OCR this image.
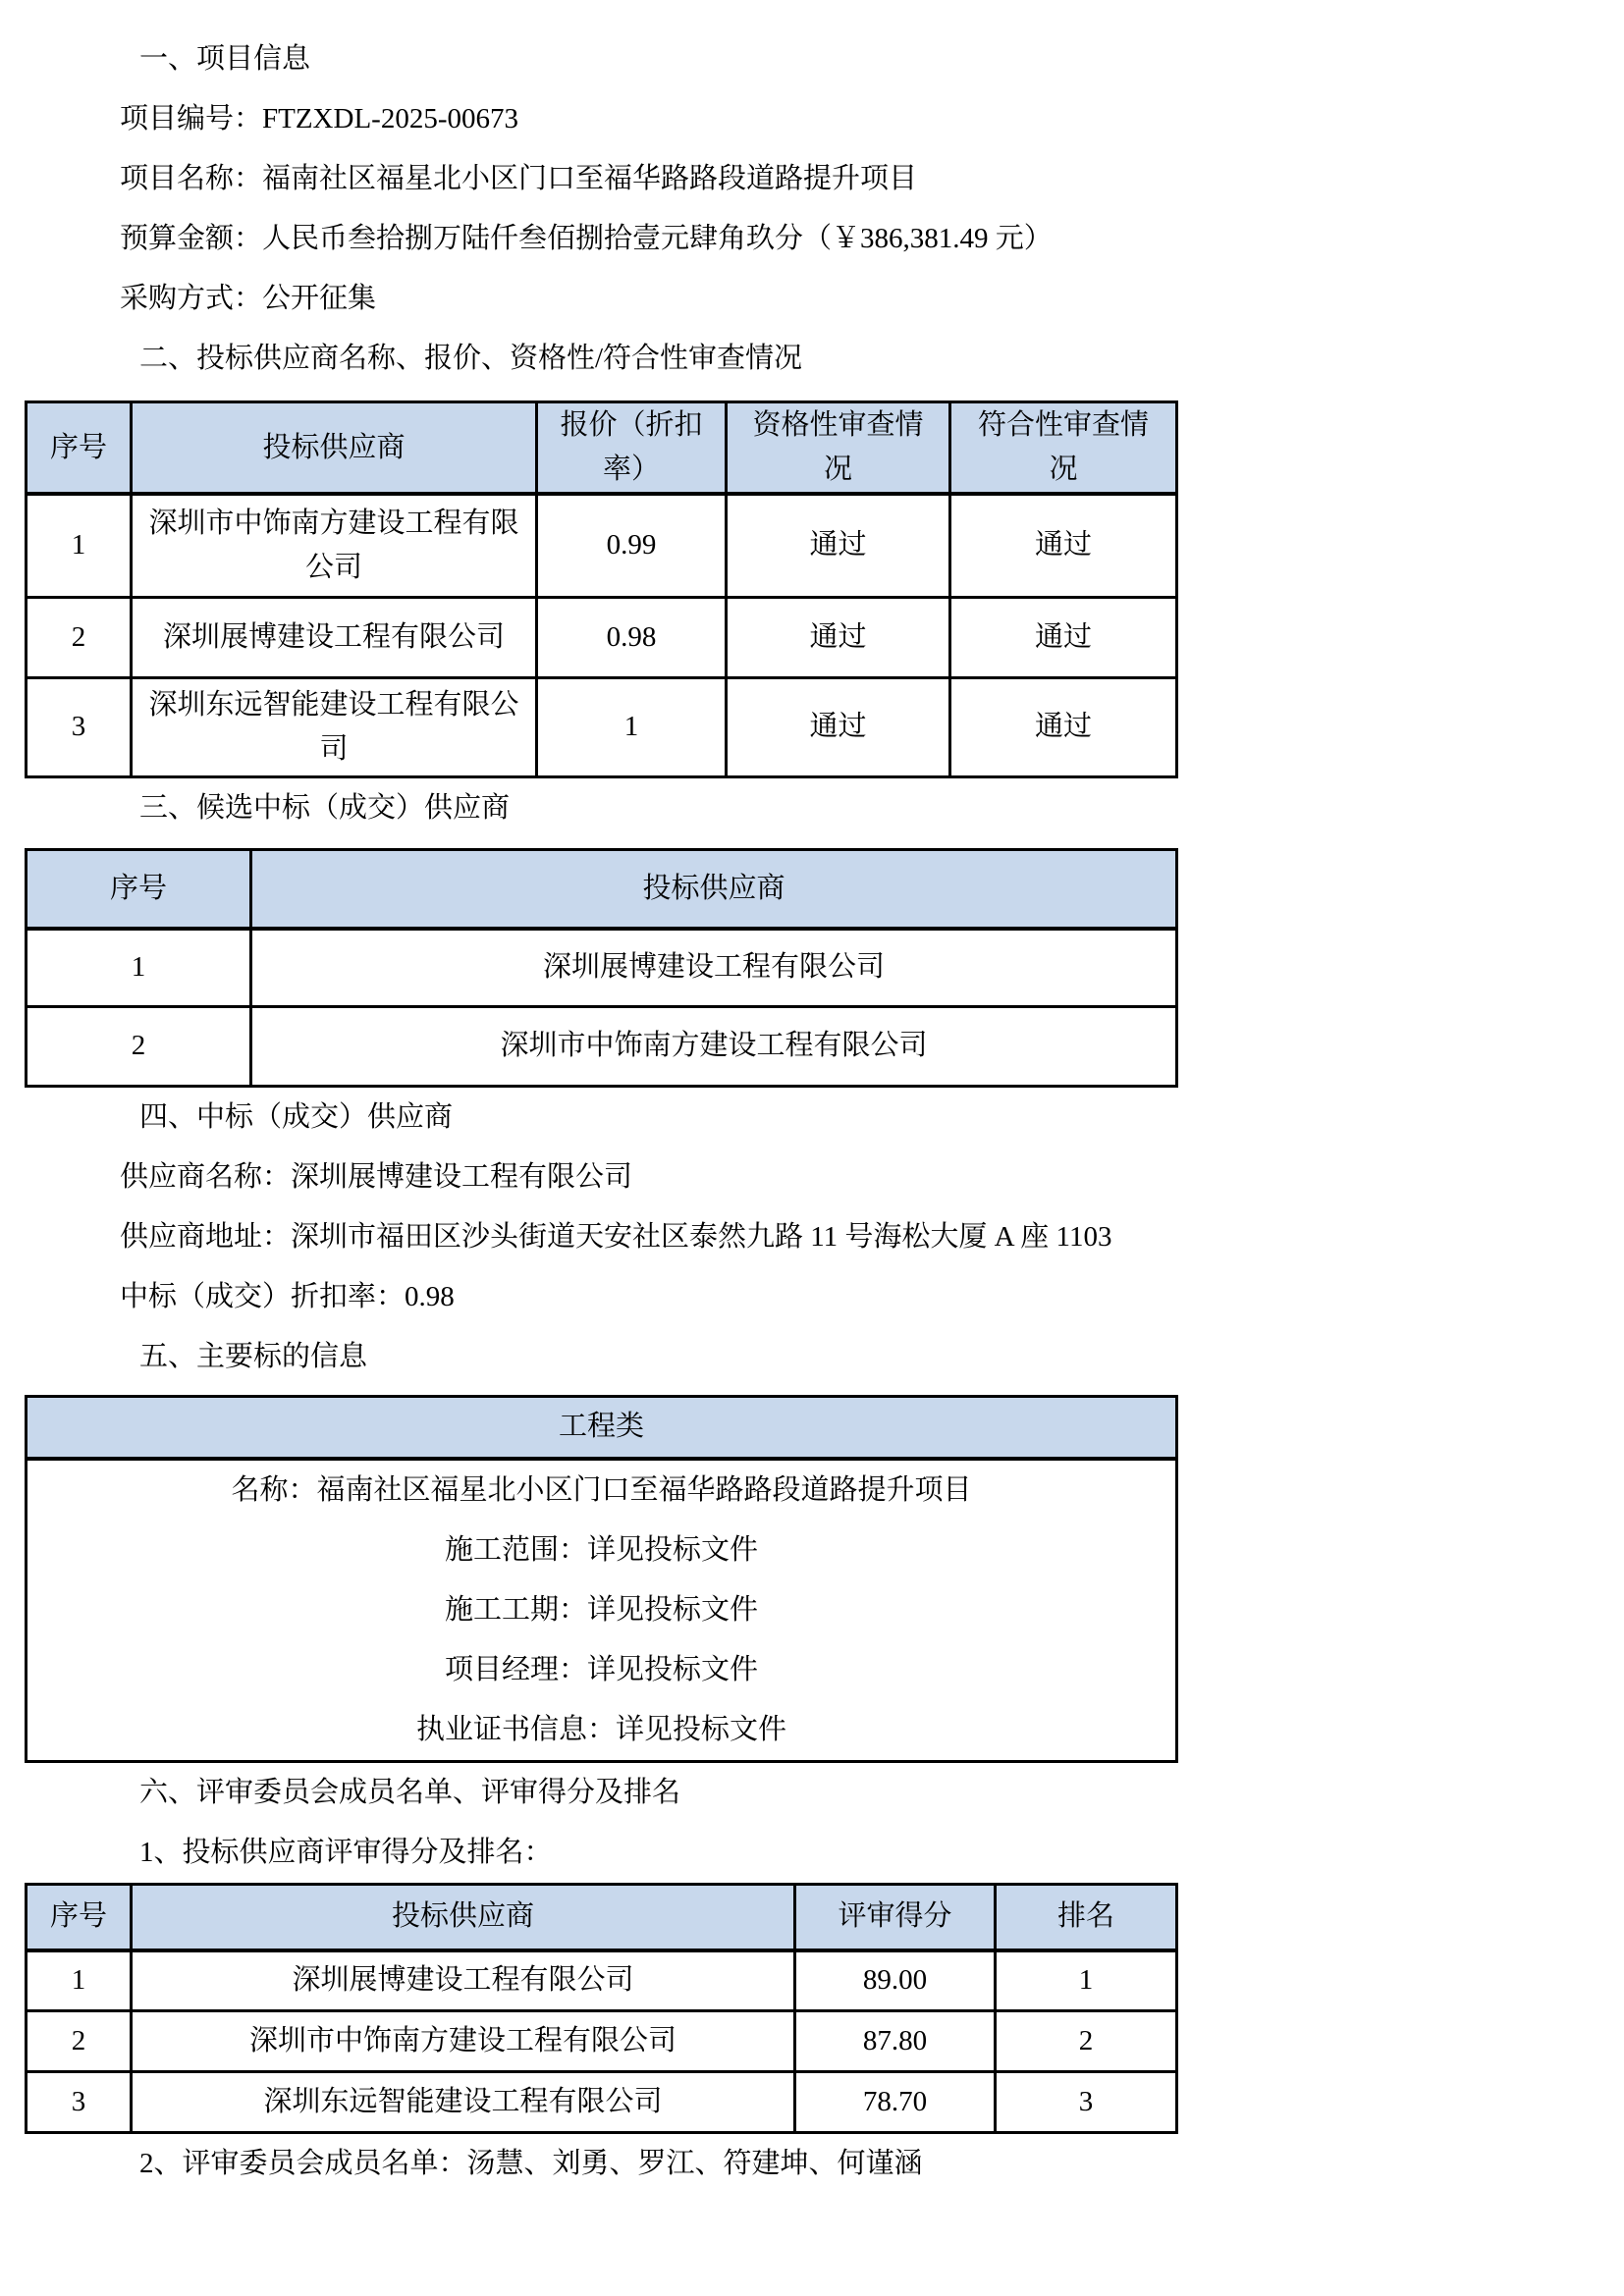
一、项目信息

项目编号：FTZXDL-2025-00673

项目名称：福南社区福星北小区门口至福华路路段道路提升项目

预算金额：人民币叁拾捌万陆仟叁佰捌拾壹元肆角玖分（￥386,381.49 元）

采购方式：公开征集

二、投标供应商名称、报价、资格性/符合性审查情况

序号	投标供应商	报价（折扣率）	资格性审查情况	符合性审查情况
1	深圳市中饰南方建设工程有限公司	0.99	通过	通过
2	深圳展博建设工程有限公司	0.98	通过	通过
3	深圳东远智能建设工程有限公司	1	通过	通过

三、候选中标（成交）供应商

序号	投标供应商
1	深圳展博建设工程有限公司
2	深圳市中饰南方建设工程有限公司

四、中标（成交）供应商

供应商名称：深圳展博建设工程有限公司

供应商地址：深圳市福田区沙头街道天安社区泰然九路 11 号海松大厦 A 座 1103

中标（成交）折扣率：0.98

五、主要标的信息

工程类

名称：福南社区福星北小区门口至福华路路段道路提升项目

施工范围：详见投标文件

施工工期：详见投标文件

项目经理：详见投标文件

执业证书信息：详见投标文件

六、评审委员会成员名单、评审得分及排名

1、投标供应商评审得分及排名：

序号	投标供应商	评审得分	排名
1	深圳展博建设工程有限公司	89.00	1
2	深圳市中饰南方建设工程有限公司	87.80	2
3	深圳东远智能建设工程有限公司	78.70	3

2、评审委员会成员名单：汤慧、刘勇、罗江、符建坤、何谨涵
